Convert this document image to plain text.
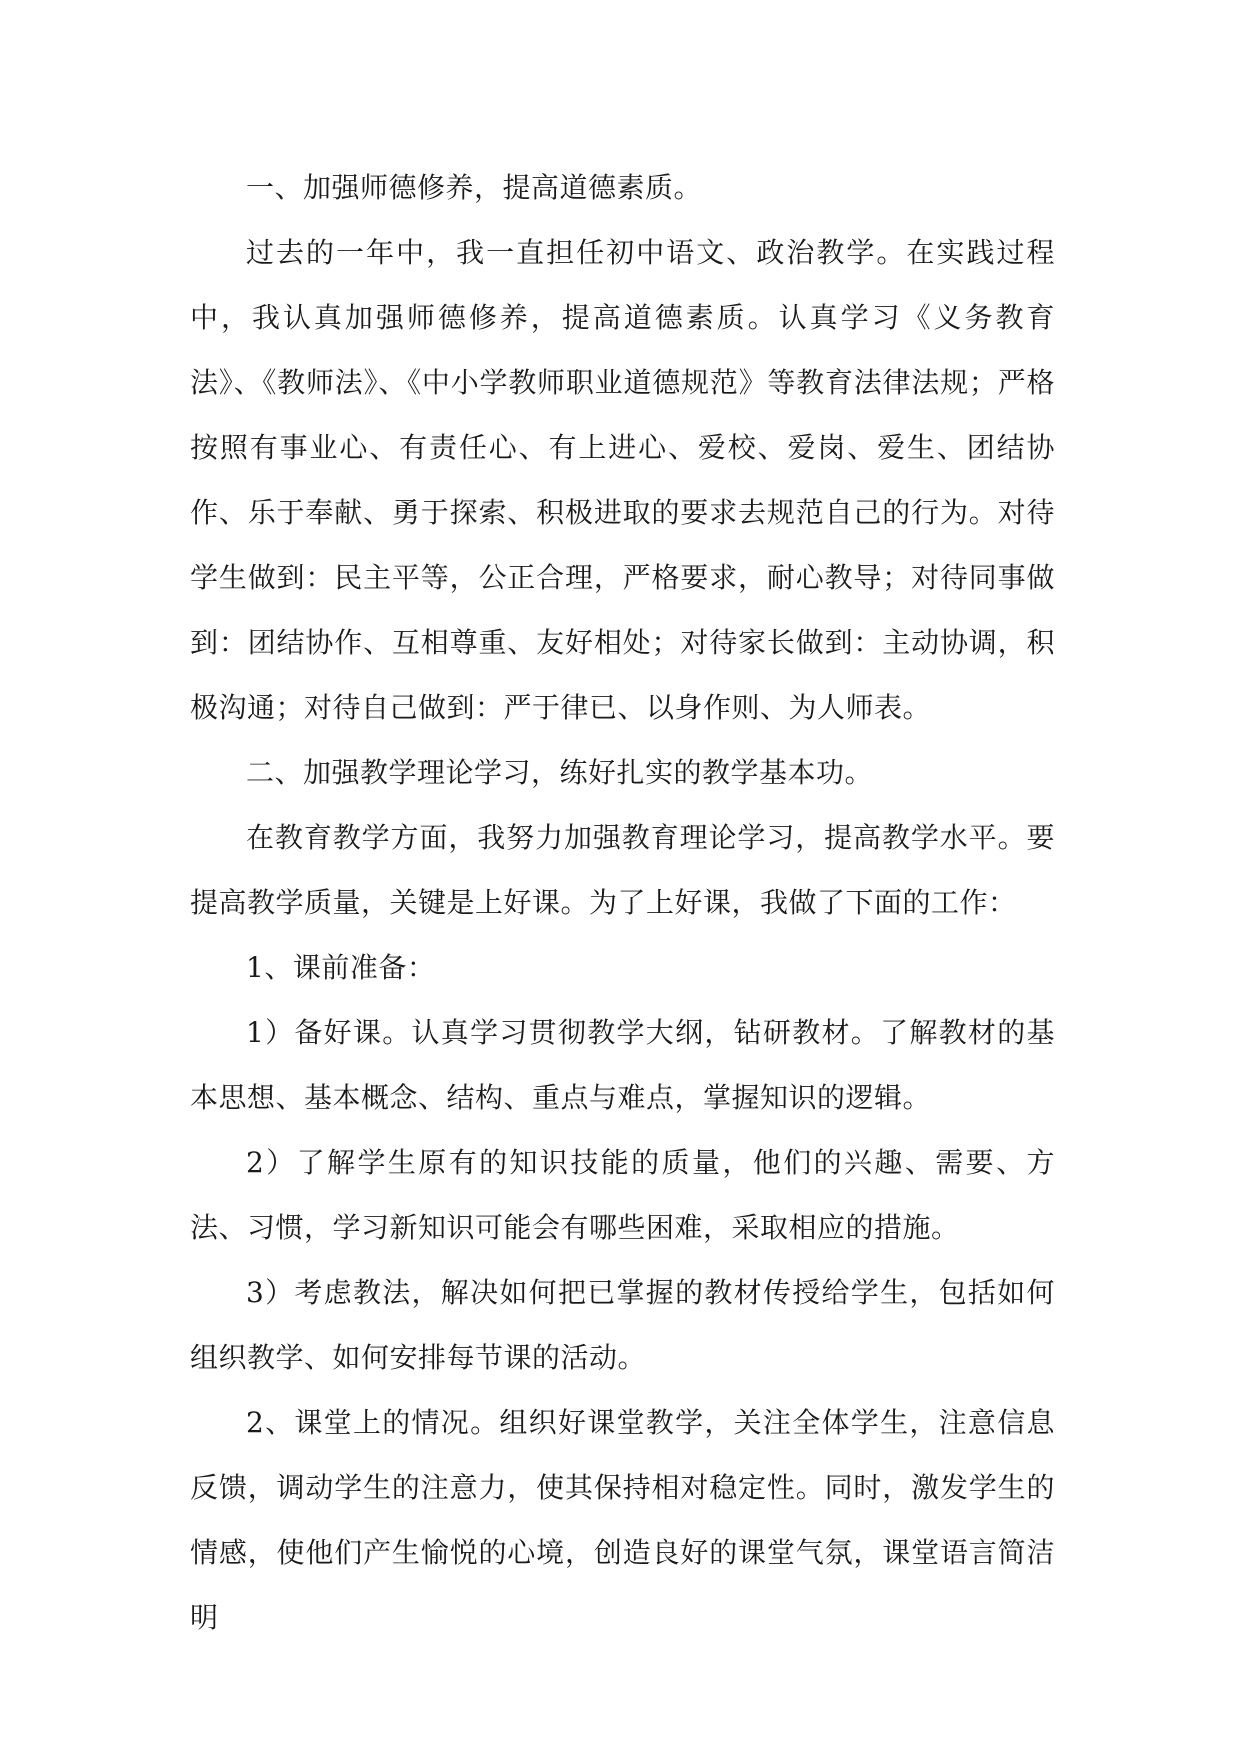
一、加强师德修养，提高道德素质。

过去的一年中，我一直担任初中语文、政治教学。在实践过程中，我认真加强师德修养，提高道德素质。认真学习《义务教育法》、《教师法》、《中小学教师职业道德规范》等教育法律法规；严格按照有事业心、有责任心、有上进心、爱校、爱岗、爱生、团结协作、乐于奉献、勇于探索、积极进取的要求去规范自己的行为。对待学生做到：民主平等，公正合理，严格要求，耐心教导；对待同事做到：团结协作、互相尊重、友好相处；对待家长做到：主动协调，积极沟通；对待自己做到：严于律已、以身作则、为人师表。

二、加强教学理论学习，练好扎实的教学基本功。

在教育教学方面，我努力加强教育理论学习，提高教学水平。要提高教学质量，关键是上好课。为了上好课，我做了下面的工作：

1、课前准备：

1）备好课。认真学习贯彻教学大纲，钻研教材。了解教材的基本思想、基本概念、结构、重点与难点，掌握知识的逻辑。

2）了解学生原有的知识技能的质量，他们的兴趣、需要、方法、习惯，学习新知识可能会有哪些困难，采取相应的措施。

3）考虑教法，解决如何把已掌握的教材传授给学生，包括如何组织教学、如何安排每节课的活动。

2、课堂上的情况。组织好课堂教学，关注全体学生，注意信息反馈，调动学生的注意力，使其保持相对稳定性。同时，激发学生的情感，使他们产生愉悦的心境，创造良好的课堂气氛，课堂语言简洁明
